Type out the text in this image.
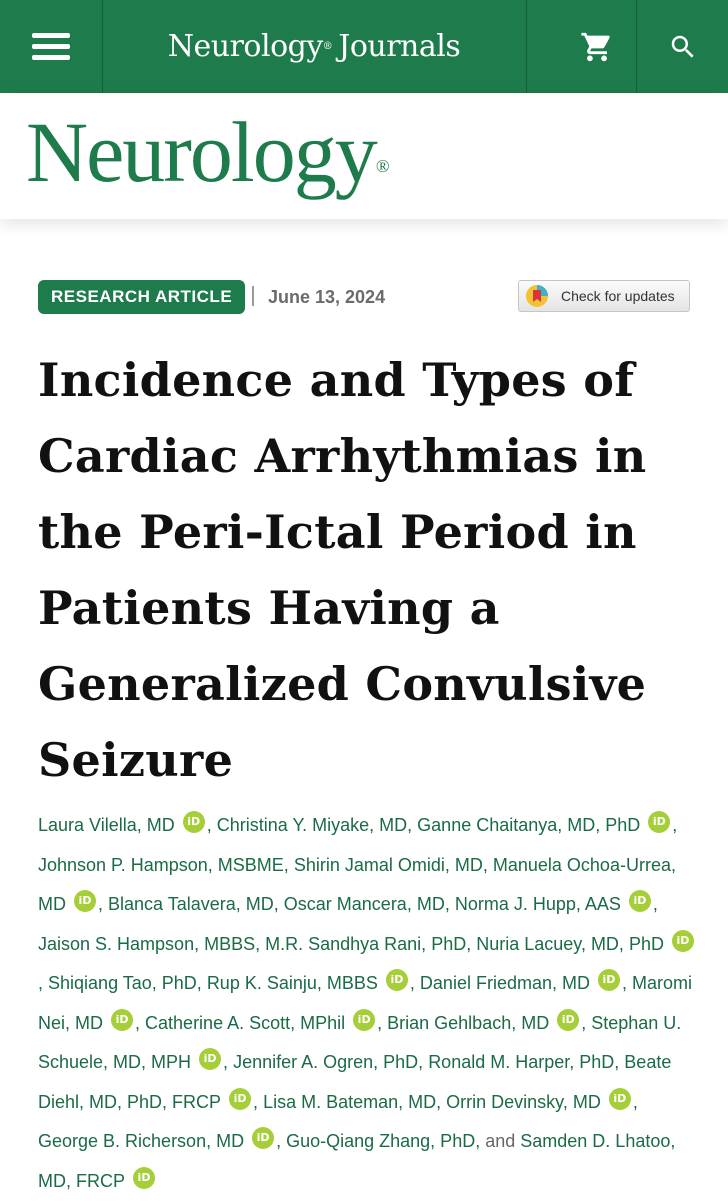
Neurology ® Journals
Neurology®
RESEARCH ARTICLE	June 13, 2024	Check for updates
Incidence and Types of Cardiac Arrhythmias in the Peri-Ictal Period in Patients Having a Generalized Convulsive Seizure
Laura Vilella, MD iD , Christina Y. Miyake, MD, Ganne Chaitanya, MD, PhD iD , Johnson P. Hampson, MSBME, Shirin Jamal Omidi, MD, Manuela Ochoa-Urrea, MD iD , Blanca Talavera, MD, Oscar Mancera, MD, Norma J. Hupp, AAS iD , Jaison S. Hampson, MBBS, M.R. Sandhya Rani, PhD, Nuria Lacuey, MD, PhD iD, Shiqiang Tao, PhD, Rup K. Sainju, MBBS iD , Daniel Friedman, MD iD , Maromi Nei, MD iD , Catherine A. Scott, MPhil iD , Brian Gehlbach, MD iD , Stephan U. Schuele, MD, MPH iD , Jennifer A. Ogren, PhD, Ronald M. Harper, PhD, Beate Diehl, MD, PhD, FRCP iD , Lisa M. Bateman, MD, Orrin Devinsky, MD iD , George B. Richerson, MD iD , Guo-Qiang Zhang, PhD, and Samden D. Lhatoo, MD, FRCP iD
